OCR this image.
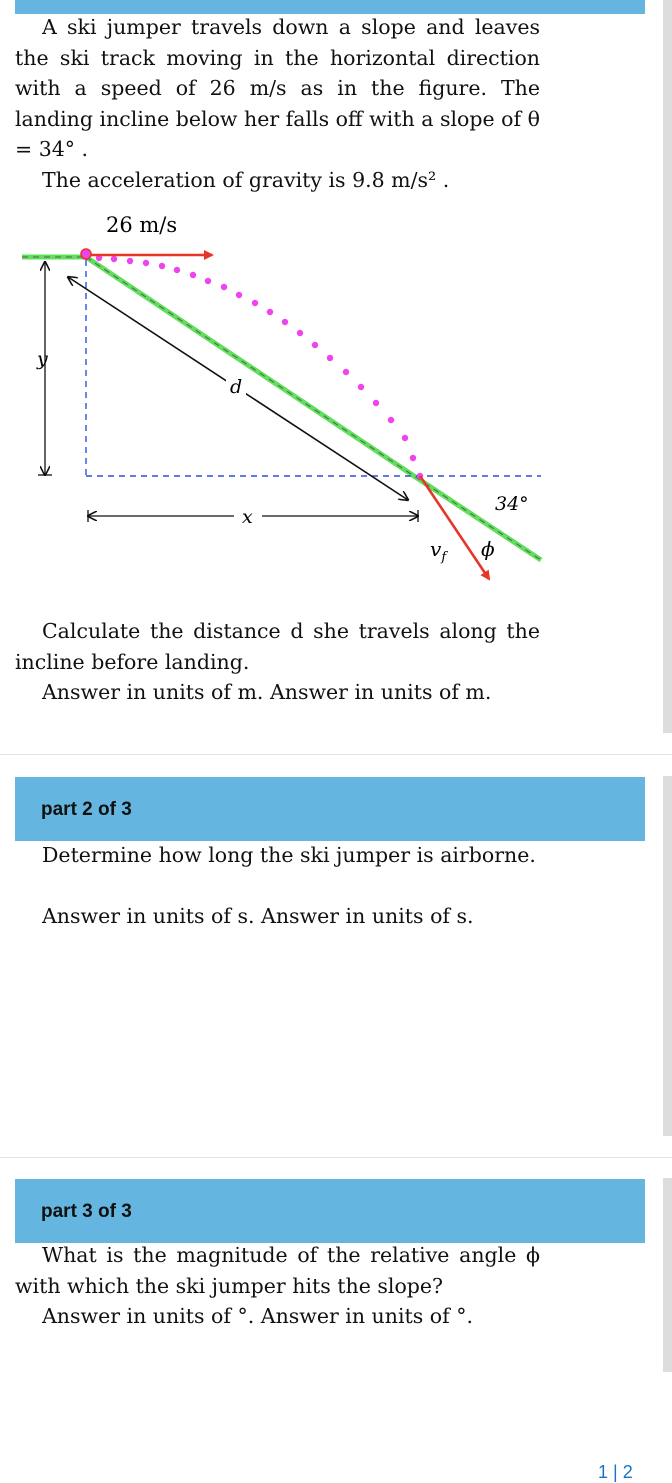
A ski jumper travels down a slope and leaves the ski track moving in the horizontal direction with a speed of 26 m/s as in the figure. The landing incline below her falls off with a slope of θ = 34° .

The acceleration of gravity is 9.8 m/s² .

y
x
d
26 m/s
$v_f$ ϕ
34°

Calculate the distance d she travels along the incline before landing.

Answer in units of m. Answer in units of m.

part 2 of 3

Determine how long the ski jumper is airborne.

Answer in units of s. Answer in units of s.

part 3 of 3

What is the magnitude of the relative angle ϕ with which the ski jumper hits the slope?

Answer in units of °. Answer in units of °.

1 | 2
